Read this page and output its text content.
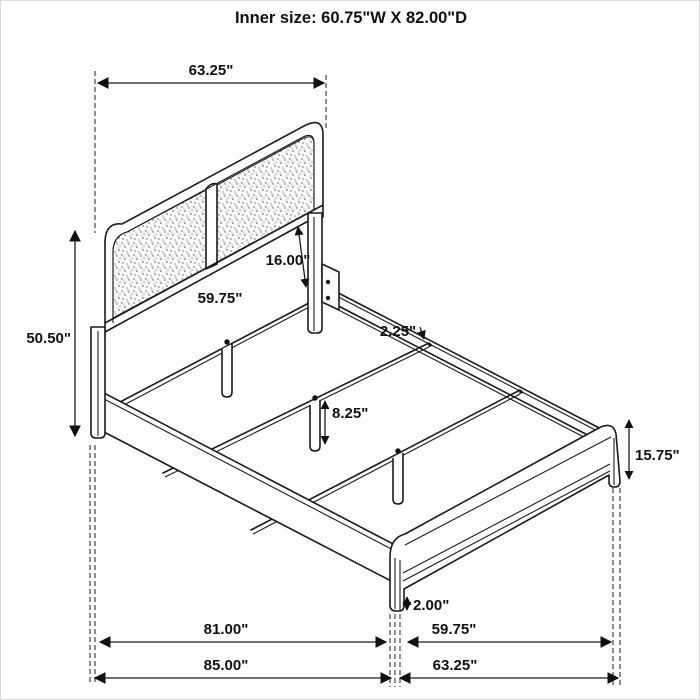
Inner size: 60.75"W X 82.00"D
63.25"
50.50"
16.00"
59.75"
2.25"
8.25"
15.75"
2.00"
81.00"	59.75"
85.00"	63.25"
